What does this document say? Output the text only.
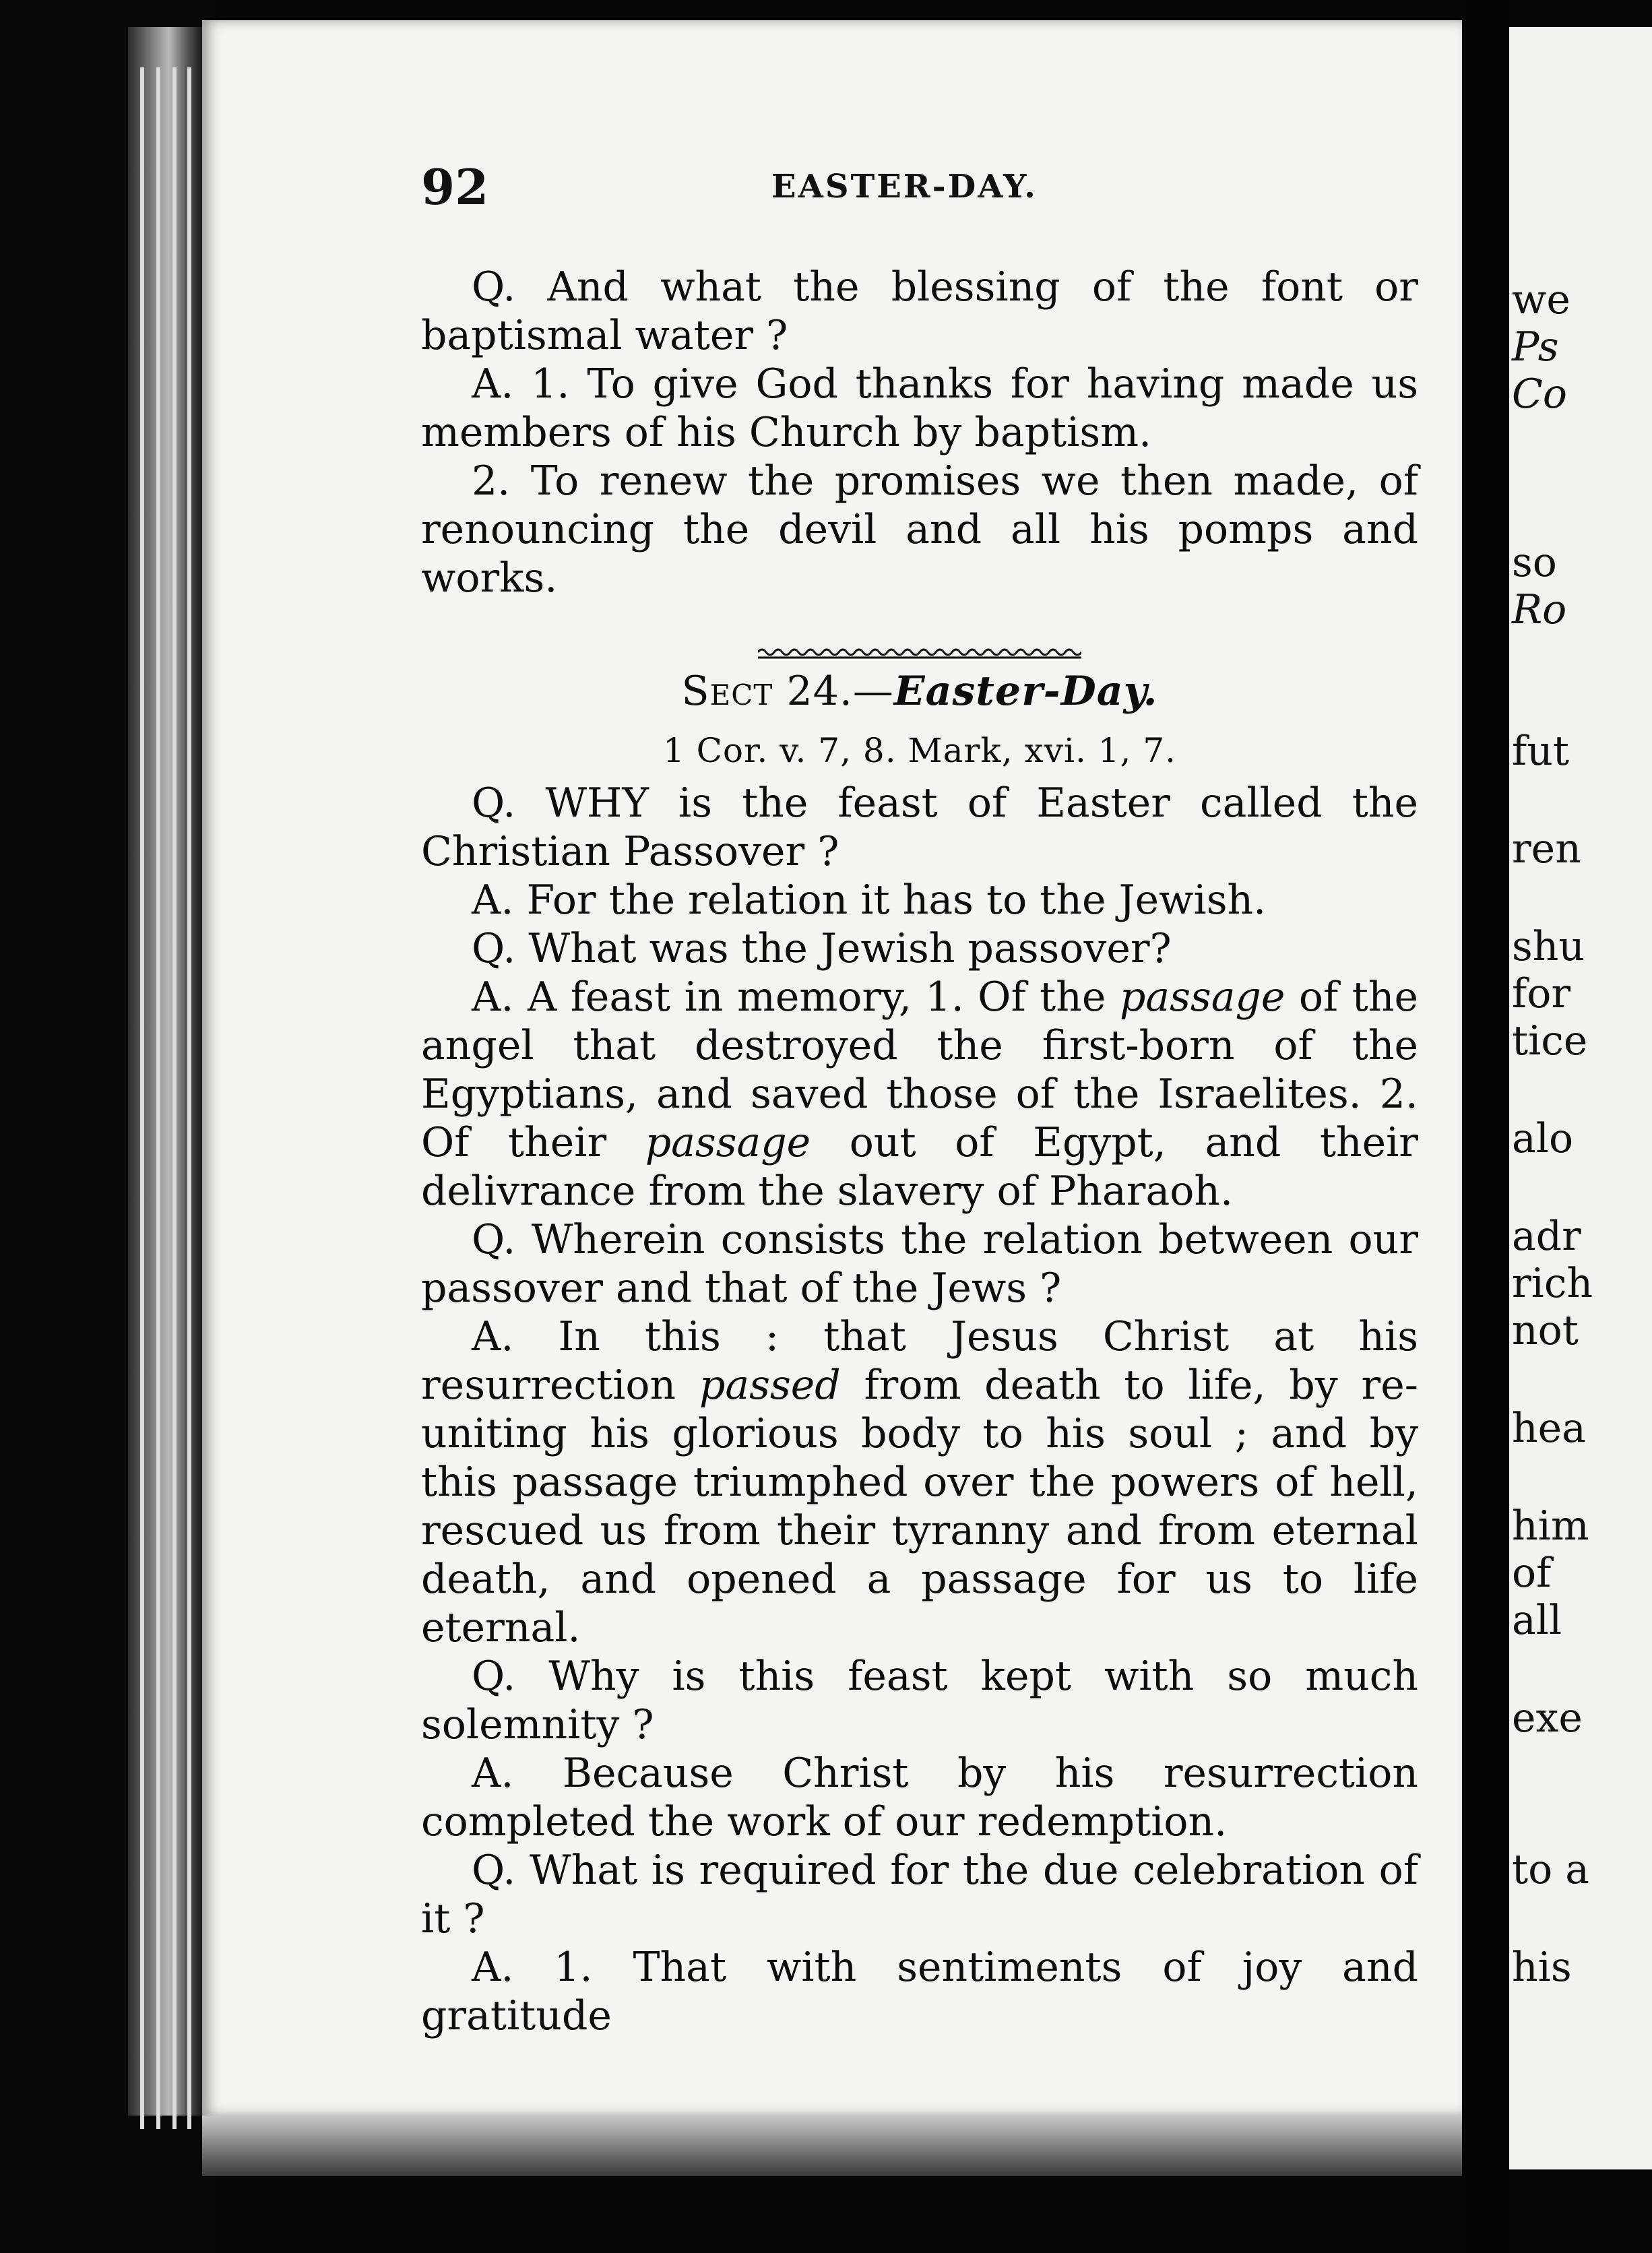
we
Ps
Co
so
Ro
fut
ren
shu
for
tice
alo
adr
rich
not
hea
him
of
all
exe
to a
his
92	EASTER-DAY.

Q. And what the blessing of the font or baptismal water ?

A. 1. To give God thanks for having made us members of his Church by baptism.

2. To renew the promises we then made, of renouncing the devil and all his pomps and works.

Sect 24.—Easter-Day.
1 Cor. v. 7, 8. Mark, xvi. 1, 7.

Q. WHY is the feast of Easter called the Christian Passover ?

A. For the relation it has to the Jewish.

Q. What was the Jewish passover?

A. A feast in memory, 1. Of the passage of the angel that destroyed the first-born of the Egyptians, and saved those of the Israelites. 2. Of their passage out of Egypt, and their delivrance from the slavery of Pharaoh.

Q. Wherein consists the relation between our passover and that of the Jews ?

A. In this : that Jesus Christ at his resurrection passed from death to life, by re-uniting his glorious body to his soul ; and by this passage triumphed over the powers of hell, rescued us from their tyranny and from eternal death, and opened a passage for us to life eternal.

Q. Why is this feast kept with so much solemnity ?

A. Because Christ by his resurrection completed the work of our redemption.

Q. What is required for the due celebration of it ?

A. 1. That with sentiments of joy and gratitude
